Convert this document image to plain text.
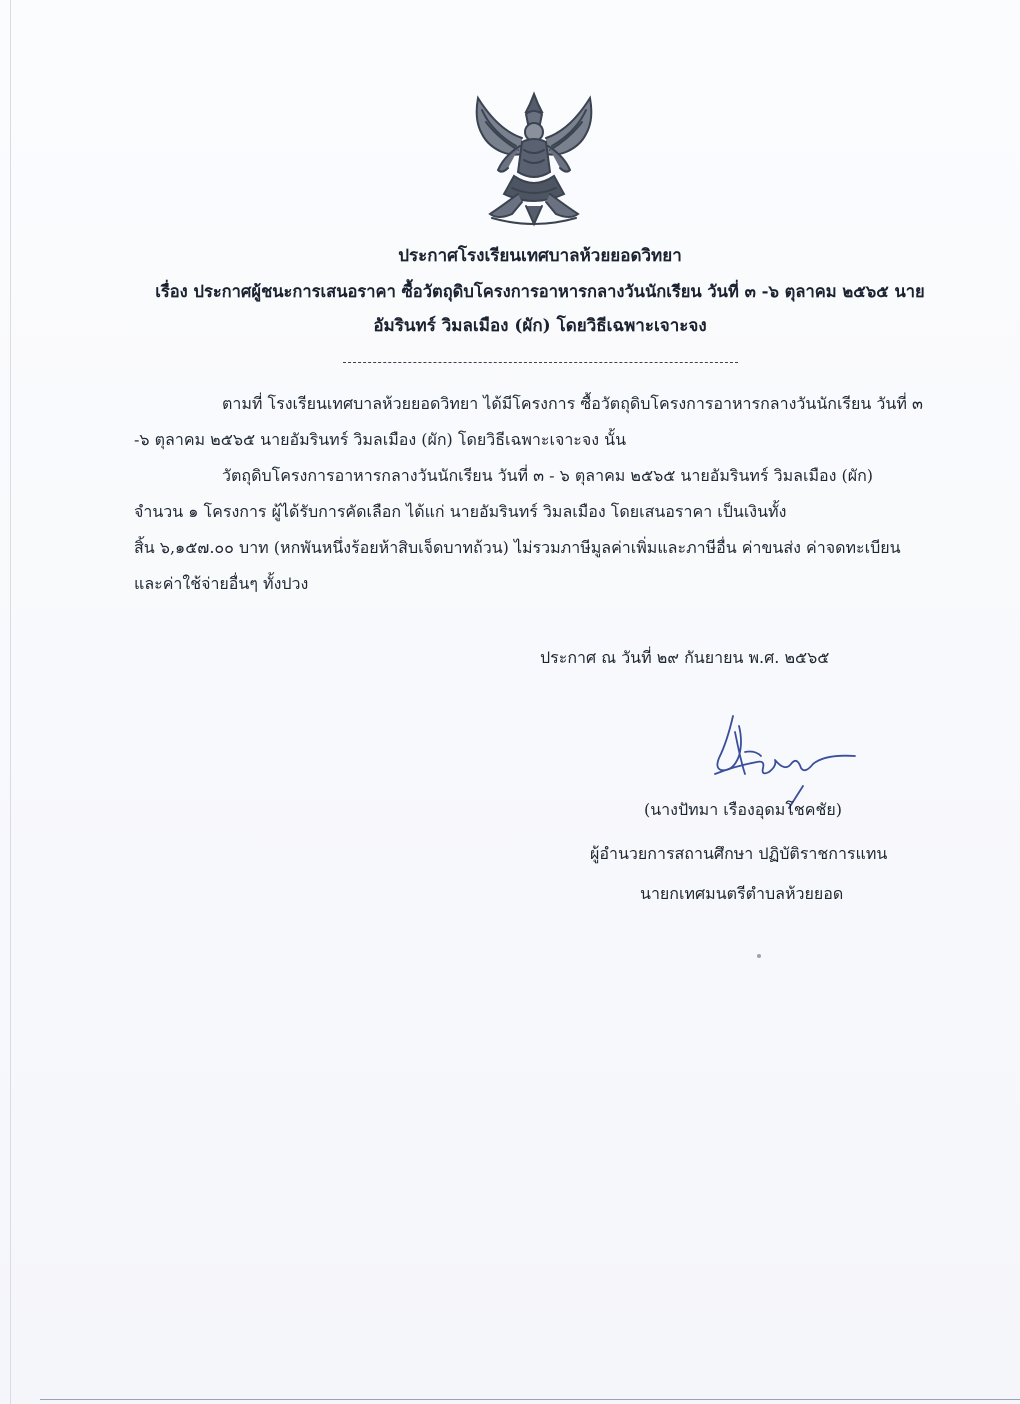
ประกาศโรงเรียนเทศบาลห้วยยอดวิทยา
เรื่อง ประกาศผู้ชนะการเสนอราคา ซื้อวัตถุดิบโครงการอาหารกลางวันนักเรียน วันที่ ๓ -๖ ตุลาคม ๒๕๖๕ นาย
อัมรินทร์ วิมลเมือง (ผัก) โดยวิธีเฉพาะเจาะจง
ตามที่ โรงเรียนเทศบาลห้วยยอดวิทยา ได้มีโครงการ ซื้อวัตถุดิบโครงการอาหารกลางวันนักเรียน วันที่ ๓
-๖ ตุลาคม ๒๕๖๕ นายอัมรินทร์ วิมลเมือง (ผัก) โดยวิธีเฉพาะเจาะจง นั้น
วัตถุดิบโครงการอาหารกลางวันนักเรียน วันที่ ๓ - ๖ ตุลาคม ๒๕๖๕ นายอัมรินทร์ วิมลเมือง (ผัก)
จำนวน ๑ โครงการ ผู้ได้รับการคัดเลือก ได้แก่ นายอัมรินทร์ วิมลเมือง โดยเสนอราคา เป็นเงินทั้ง
สิ้น ๖,๑๕๗.๐๐ บาท (หกพันหนึ่งร้อยห้าสิบเจ็ดบาทถ้วน) ไม่รวมภาษีมูลค่าเพิ่มและภาษีอื่น ค่าขนส่ง ค่าจดทะเบียน
และค่าใช้จ่ายอื่นๆ ทั้งปวง
ประกาศ ณ วันที่ ๒๙ กันยายน พ.ศ. ๒๕๖๕
(นางปัทมา เรืองอุดมโชคชัย)
ผู้อำนวยการสถานศึกษา ปฏิบัติราชการแทน
นายกเทศมนตรีตำบลห้วยยอด
